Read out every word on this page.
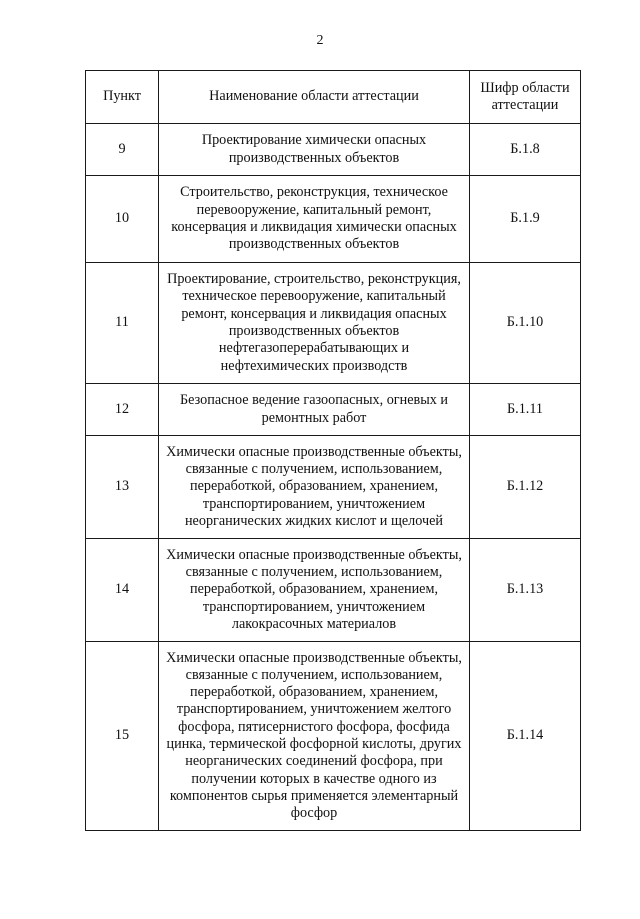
2
Пункт	Наименование области аттестации	Шифр области аттестации
9	Проектирование химически опасных производственных объектов	Б.1.8
10	Строительство, реконструкция, техническое перевооружение, капитальный ремонт, консервация и ликвидация химически опасных производственных объектов	Б.1.9
11	Проектирование, строительство, реконструкция, техническое перевооружение, капитальный ремонт, консервация и ликвидация опасных производственных объектов нефтегазоперерабатывающих и нефтехимических производств	Б.1.10
12	Безопасное ведение газоопасных, огневых и ремонтных работ	Б.1.11
13	Химически опасные производственные объекты, связанные с получением, использованием, переработкой, образованием, хранением, транспортированием, уничтожением неорганических жидких кислот и щелочей	Б.1.12
14	Химически опасные производственные объекты, связанные с получением, использованием, переработкой, образованием, хранением, транспортированием, уничтожением лакокрасочных материалов	Б.1.13
15	Химически опасные производственные объекты, связанные с получением, использованием, переработкой, образованием, хранением, транспортированием, уничтожением желтого фосфора, пятисернистого фосфора, фосфида цинка, термической фосфорной кислоты, других неорганических соединений фосфора, при получении которых в качестве одного из компонентов сырья применяется элементарный фосфор	Б.1.14
